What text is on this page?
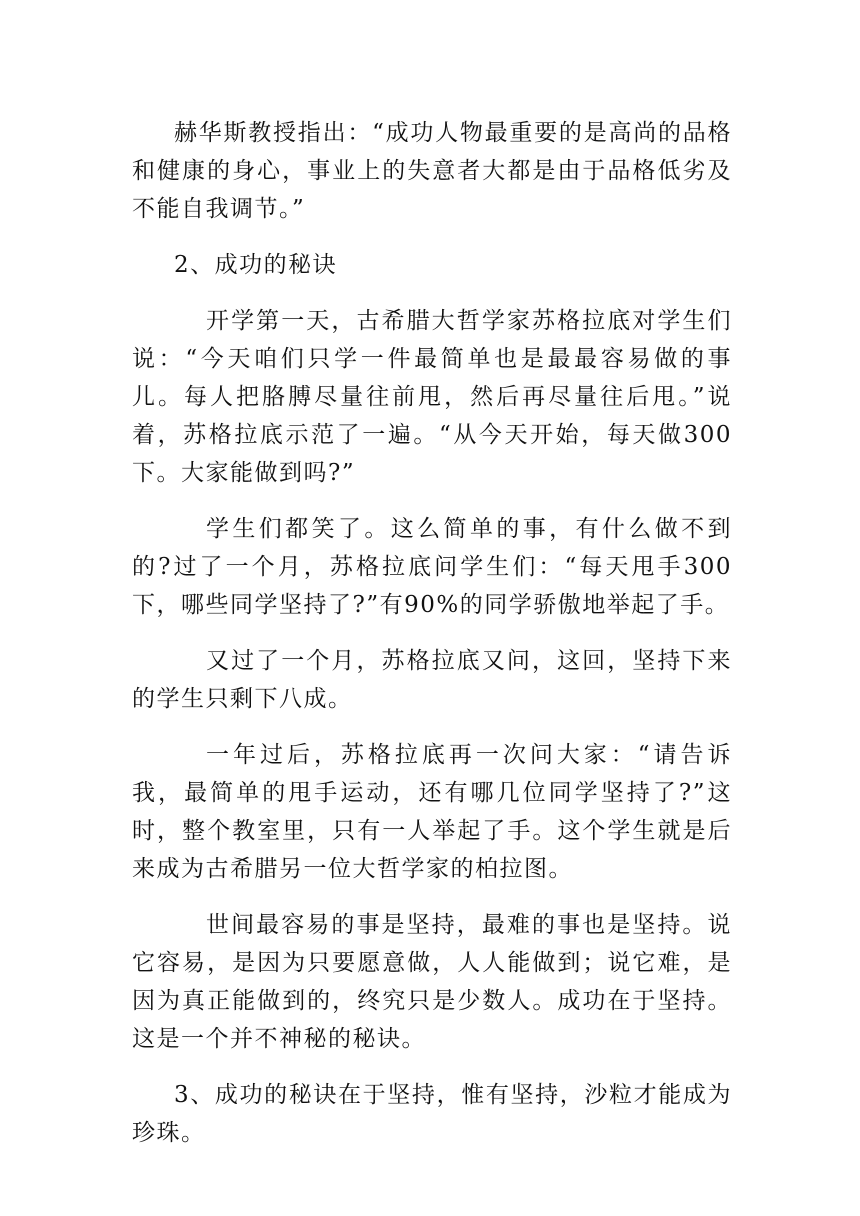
赫华斯教授指出：“成功人物最重要的是高尚的品格和健康的身心，事业上的失意者大都是由于品格低劣及不能自我调节。”

2、成功的秘诀

开学第一天，古希腊大哲学家苏格拉底对学生们说：“今天咱们只学一件最简单也是最最容易做的事儿。每人把胳膊尽量往前甩，然后再尽量往后甩。”说着，苏格拉底示范了一遍。“从今天开始，每天做300下。大家能做到吗?”

学生们都笑了。这么简单的事，有什么做不到的?过了一个月，苏格拉底问学生们：“每天甩手300下，哪些同学坚持了?”有90%的同学骄傲地举起了手。

又过了一个月，苏格拉底又问，这回，坚持下来的学生只剩下八成。

一年过后，苏格拉底再一次问大家：“请告诉我，最简单的甩手运动，还有哪几位同学坚持了?”这时，整个教室里，只有一人举起了手。这个学生就是后来成为古希腊另一位大哲学家的柏拉图。

世间最容易的事是坚持，最难的事也是坚持。说它容易，是因为只要愿意做，人人能做到；说它难，是因为真正能做到的，终究只是少数人。成功在于坚持。这是一个并不神秘的秘诀。

3、成功的秘诀在于坚持，惟有坚持，沙粒才能成为珍珠。
